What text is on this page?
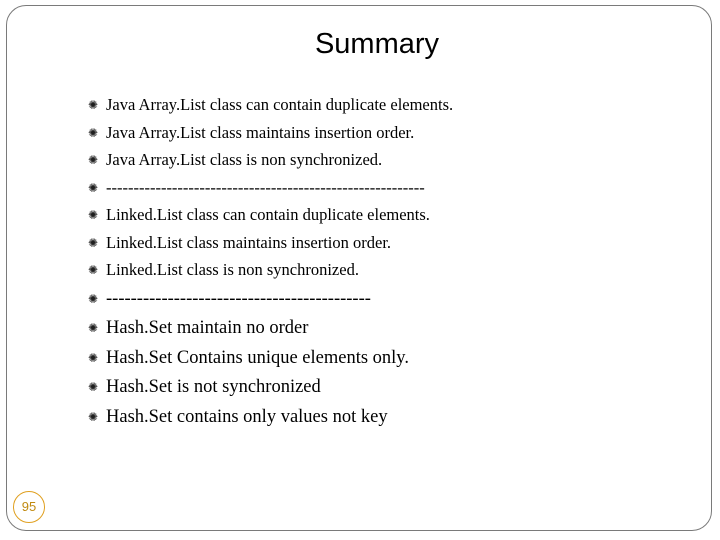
Summary
✺ Java Array.List class can contain duplicate elements.
✺ Java Array.List class maintains insertion order.
✺ Java Array.List class is non synchronized.
✺ ----------------------------------------------------------
✺ Linked.List class can contain duplicate elements.
✺ Linked.List class maintains insertion order.
✺ Linked.List class is non synchronized.
✺ -------------------------------------------
✺ Hash.Set maintain no order
✺ Hash.Set Contains unique elements only.
✺ Hash.Set is not synchronized
✺ Hash.Set contains only values not key
95
